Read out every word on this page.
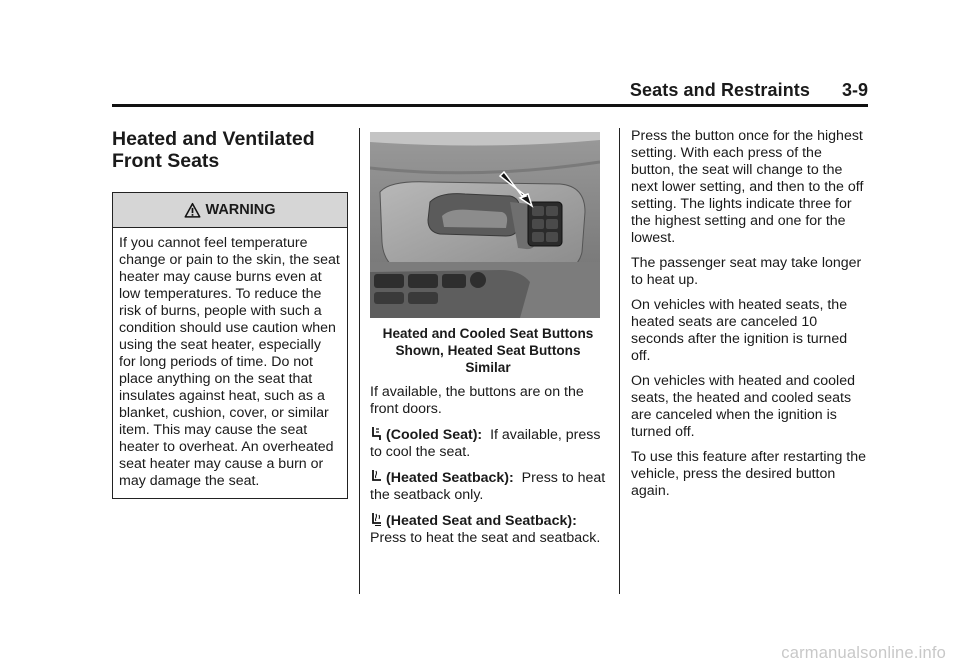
Seats and Restraints 3-9
Heated and Ventilated
Front Seats
WARNING
If you cannot feel temperature change or pain to the skin, the seat heater may cause burns even at low temperatures. To reduce the risk of burns, people with such a condition should use caution when using the seat heater, especially for long periods of time. Do not place anything on the seat that insulates against heat, such as a blanket, cushion, cover, or similar item. This may cause the seat heater to overheat. An overheated seat heater may cause a burn or may damage the seat.
Heated and Cooled Seat Buttons
Shown, Heated Seat Buttons
Similar

If available, the buttons are on the front doors.

(Cooled Seat): If available, press to cool the seat.

(Heated Seatback): Press to heat the seatback only.

(Heated Seat and Seatback):
Press to heat the seat and seatback.

Press the button once for the highest setting. With each press of the button, the seat will change to the next lower setting, and then to the off setting. The lights indicate three for the highest setting and one for the lowest.

The passenger seat may take longer to heat up.

On vehicles with heated seats, the heated seats are canceled 10 seconds after the ignition is turned off.

On vehicles with heated and cooled seats, the heated and cooled seats are canceled when the ignition is turned off.

To use this feature after restarting the vehicle, press the desired button again.

carmanualsonline.info
